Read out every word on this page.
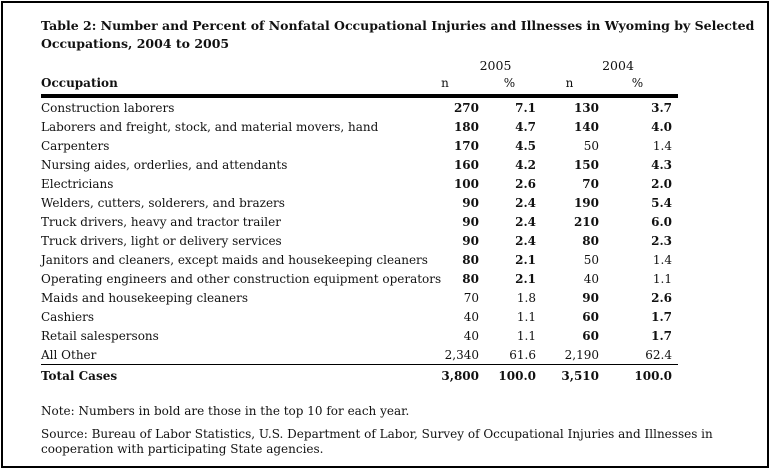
Table 2: Number and Percent of Nonfatal Occupational Injuries and Illnesses in Wyoming by Selected
Occupations, 2004 to 2005
	2005		2004	
Occupation	n	%	n	%
Construction laborers	270	7.1	130	3.7
Laborers and freight, stock, and material movers, hand	180	4.7	140	4.0
Carpenters	170	4.5	50	1.4
Nursing aides, orderlies, and attendants	160	4.2	150	4.3
Electricians	100	2.6	70	2.0
Welders, cutters, solderers, and brazers	90	2.4	190	5.4
Truck drivers, heavy and tractor trailer	90	2.4	210	6.0
Truck drivers, light or delivery services	90	2.4	80	2.3
Janitors and cleaners, except maids and housekeeping cleaners	80	2.1	50	1.4
Operating engineers and other construction equipment operators	80	2.1	40	1.1
Maids and housekeeping cleaners	70	1.8	90	2.6
Cashiers	40	1.1	60	1.7
Retail salespersons	40	1.1	60	1.7
All Other	2,340	61.6	2,190	62.4
Total Cases	3,800	100.0	3,510	100.0
Note: Numbers in bold are those in the top 10 for each year.
Source: Bureau of Labor Statistics, U.S. Department of Labor, Survey of Occupational Injuries and Illnesses in
cooperation with participating State agencies.
